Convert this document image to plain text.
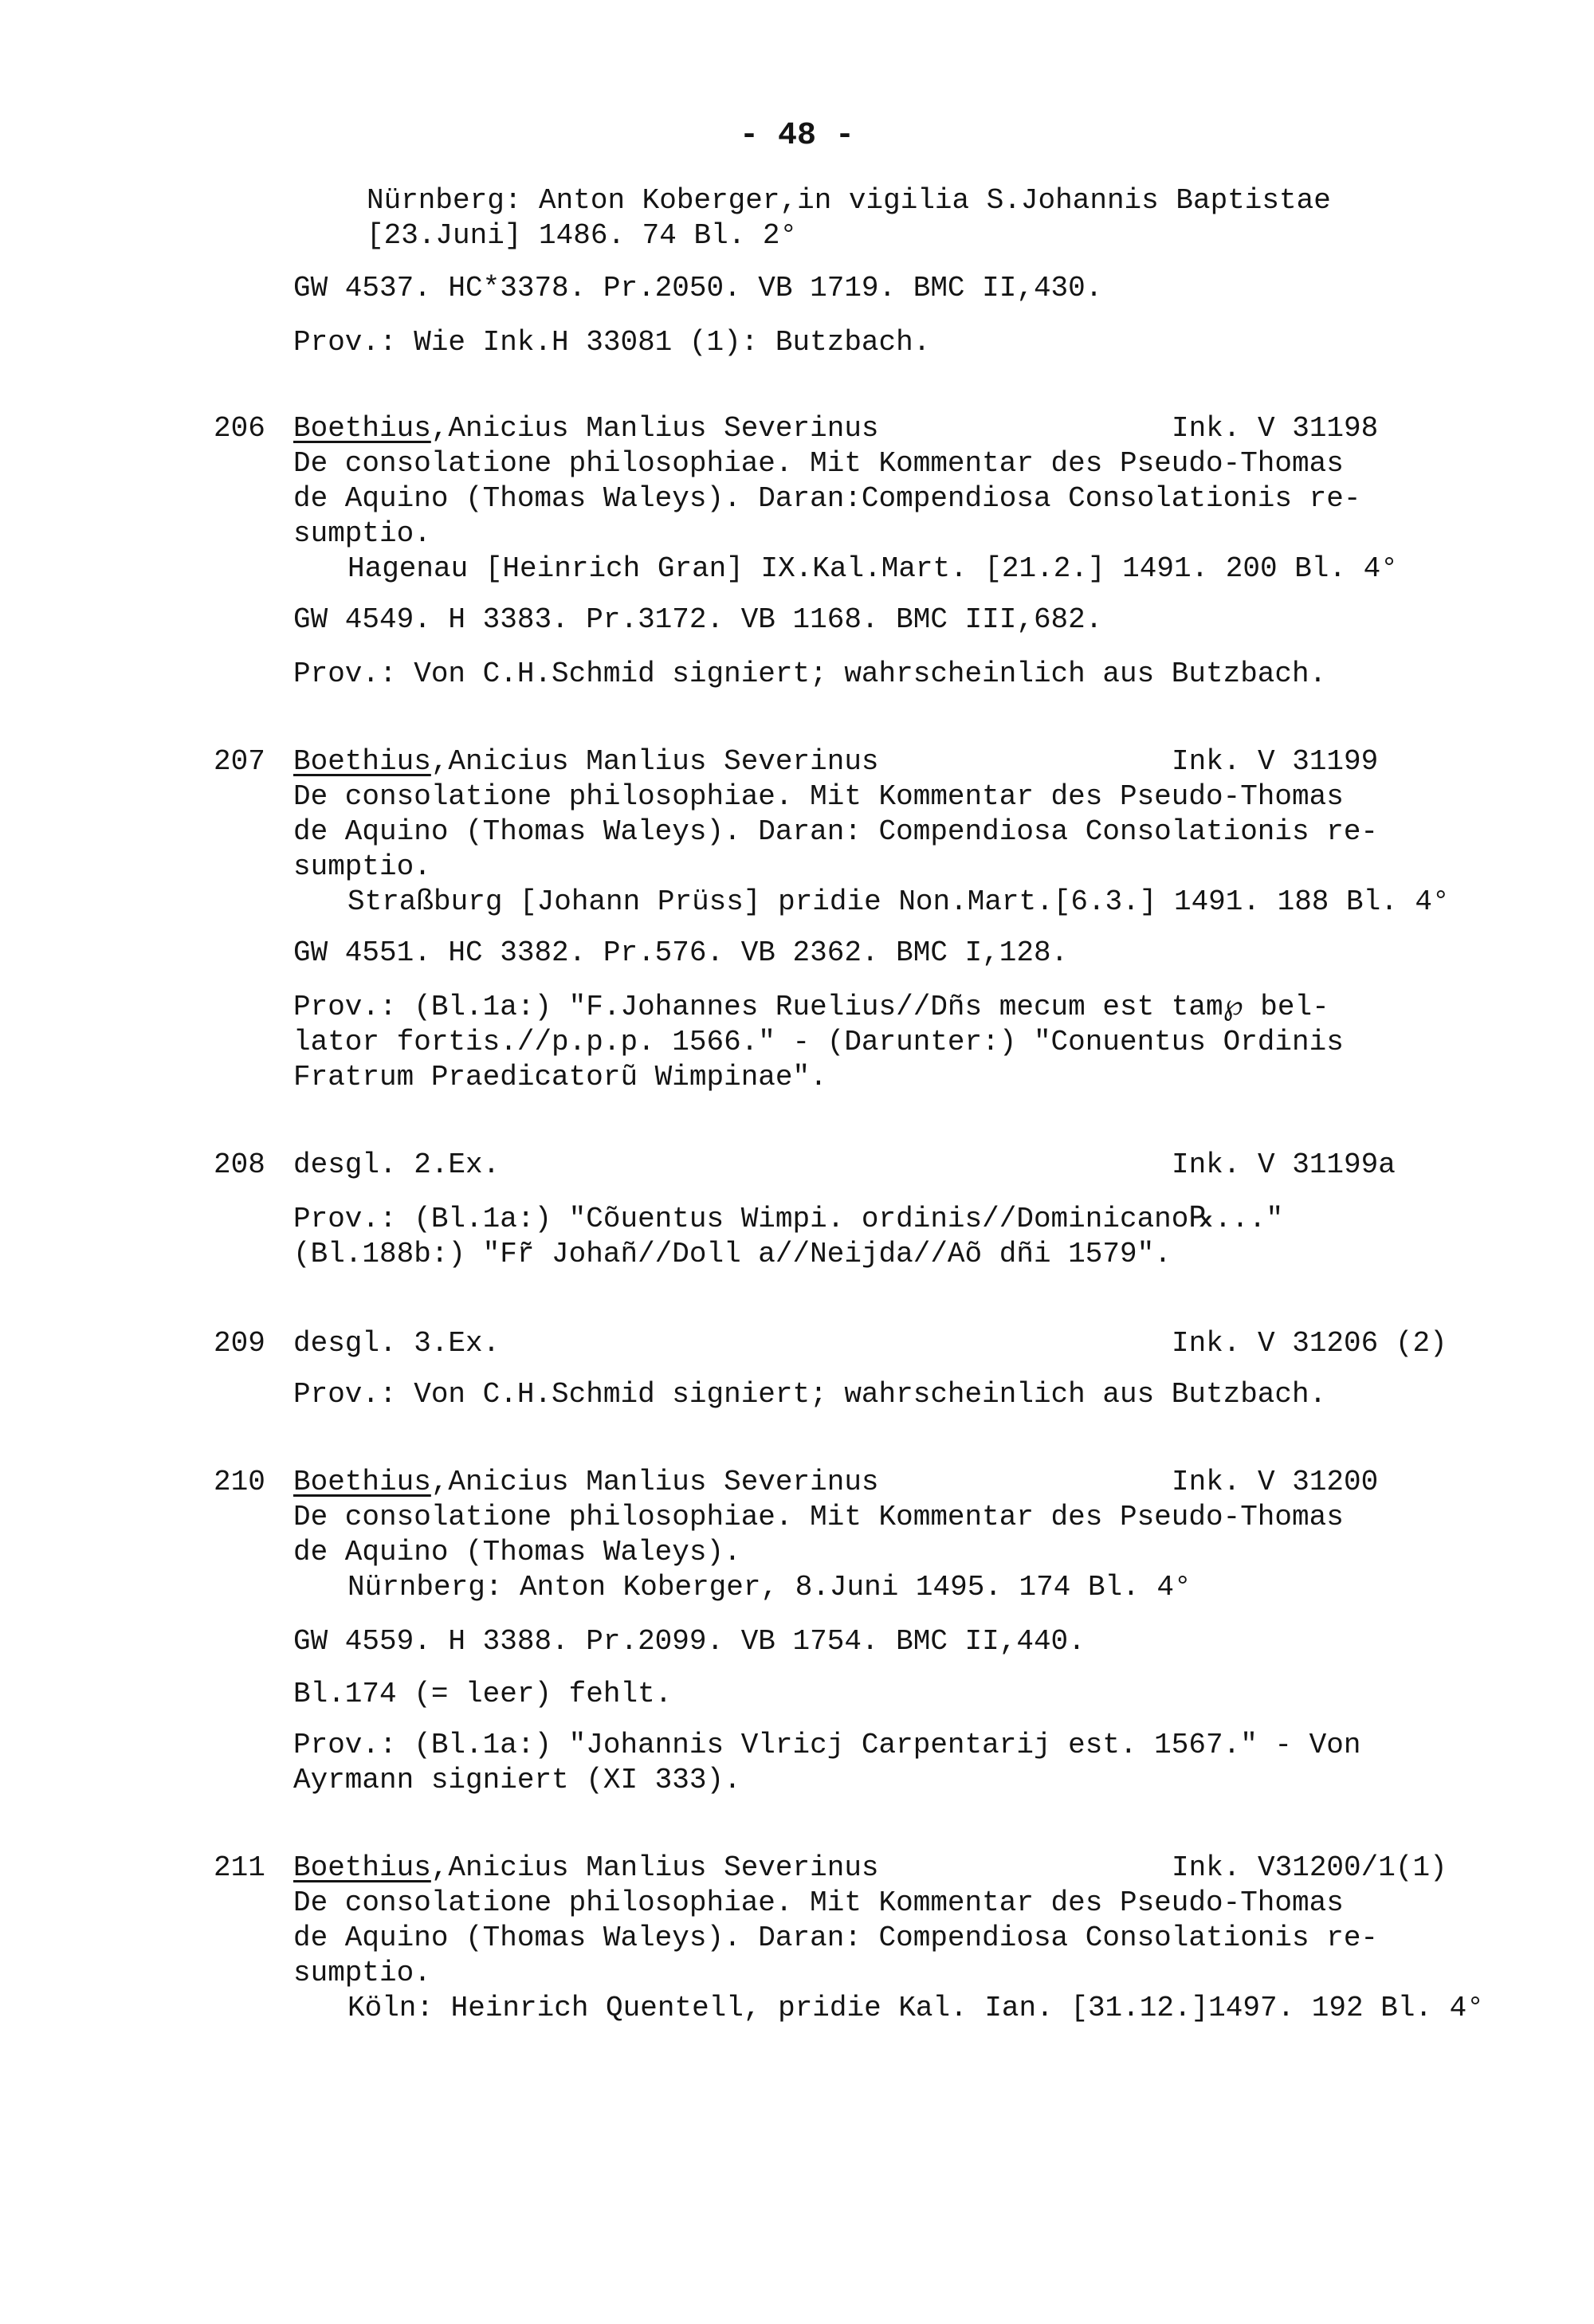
- 48 -
Nürnberg: Anton Koberger,in vigilia S.Johannis Baptistae
[23.Juni] 1486. 74 Bl. 2°
GW 4537. HC*3378. Pr.2050. VB 1719. BMC II,430.
Prov.: Wie Ink.H 33081 (1): Butzbach.
206 Boethius,Anicius Manlius Severinus	Ink. V 31198
De consolatione philosophiae. Mit Kommentar des Pseudo-Thomas
de Aquino (Thomas Waleys). Daran:Compendiosa Consolationis re-
sumptio.
Hagenau [Heinrich Gran] IX.Kal.Mart. [21.2.] 1491. 200 Bl. 4°
GW 4549. H 3383. Pr.3172. VB 1168. BMC III,682.
Prov.: Von C.H.Schmid signiert; wahrscheinlich aus Butzbach.
207 Boethius,Anicius Manlius Severinus	Ink. V 31199
De consolatione philosophiae. Mit Kommentar des Pseudo-Thomas
de Aquino (Thomas Waleys). Daran: Compendiosa Consolationis re-
sumptio.
Straßburg [Johann Prüss] pridie Non.Mart.[6.3.] 1491. 188 Bl. 4°
GW 4551. HC 3382. Pr.576. VB 2362. BMC I,128.
Prov.: (Bl.1a:) "F.Johannes Ruelius//Dñs mecum est tam℘ bel-
lator fortis.//p.p.p. 1566." - (Darunter:) "Conuentus Ordinis
Fratrum Praedicatorũ Wimpinae".
208 desgl. 2.Ex.	Ink. V 31199a
Prov.: (Bl.1a:) "Cõuentus Wimpi. ordinis//Dominicano℞..."
(Bl.188b:) "Fr̃ Johañ//Doll a//Neijda//Aõ dñi 1579".
209 desgl. 3.Ex.	Ink. V 31206 (2)
Prov.: Von C.H.Schmid signiert; wahrscheinlich aus Butzbach.
210 Boethius,Anicius Manlius Severinus	Ink. V 31200
De consolatione philosophiae. Mit Kommentar des Pseudo-Thomas
de Aquino (Thomas Waleys).
Nürnberg: Anton Koberger, 8.Juni 1495. 174 Bl. 4°
GW 4559. H 3388. Pr.2099. VB 1754. BMC II,440.
Bl.174 (= leer) fehlt.
Prov.: (Bl.1a:) "Johannis Vlricj Carpentarij est. 1567." - Von
Ayrmann signiert (XI 333).
211 Boethius,Anicius Manlius Severinus	Ink. V31200/1(1)
De consolatione philosophiae. Mit Kommentar des Pseudo-Thomas
de Aquino (Thomas Waleys). Daran: Compendiosa Consolationis re-
sumptio.
Köln: Heinrich Quentell, pridie Kal. Ian. [31.12.]1497. 192 Bl. 4°
